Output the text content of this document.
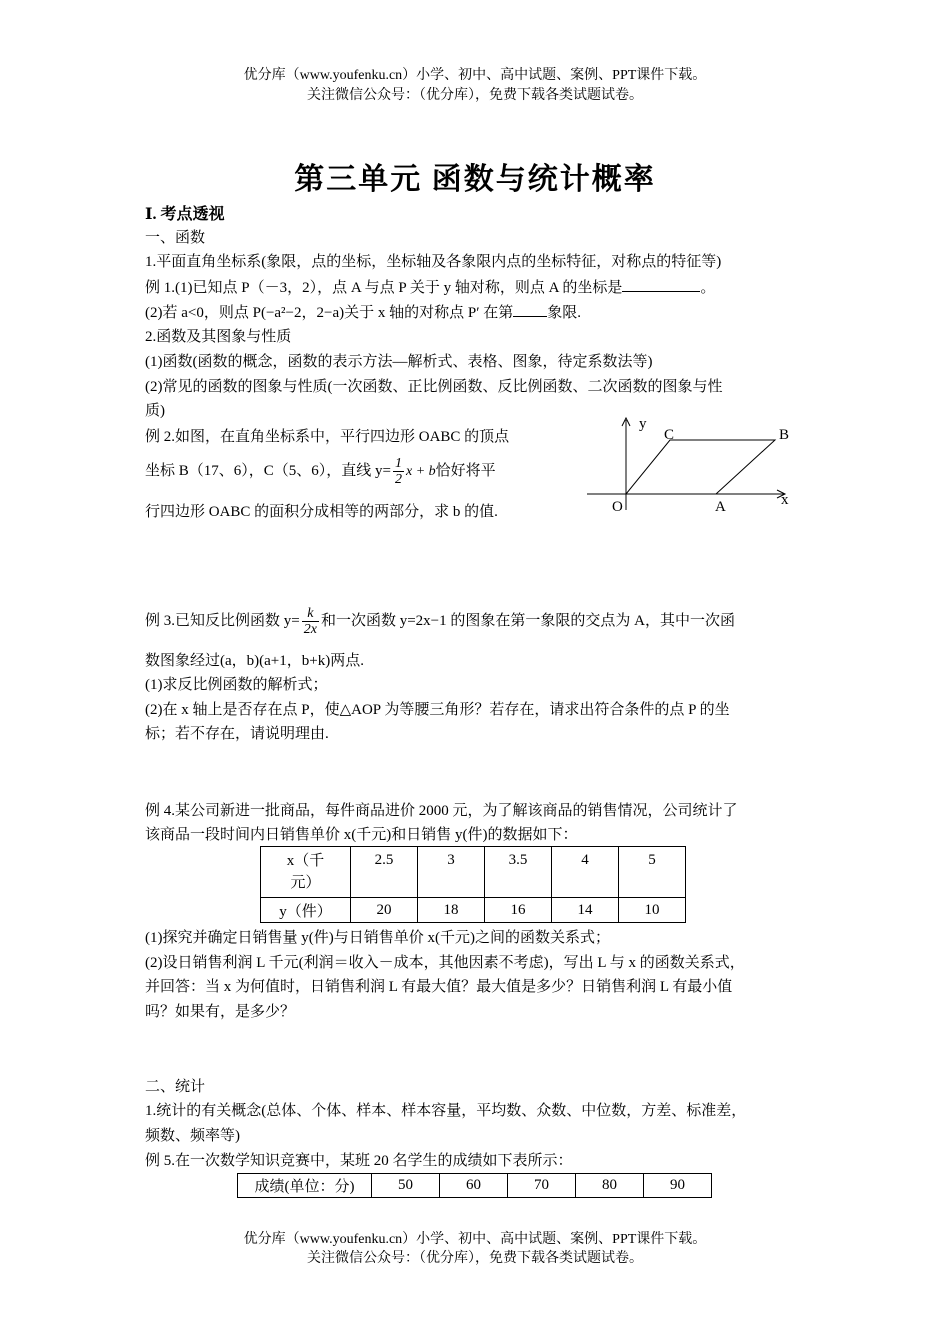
优分库（www.youfenku.cn）小学、初中、高中试题、案例、PPT课件下载。
关注微信公众号：（优分库），免费下载各类试题试卷。
第三单元 函数与统计概率
Ⅰ. 考点透视
一、函数
1.平面直角坐标系(象限，点的坐标，坐标轴及各象限内点的坐标特征，对称点的特征等)
例 1.(1)已知点 P（－3，2），点 A 与点 P 关于 y 轴对称，则点 A 的坐标是	。
(2)若 a<0，则点 P(−a²−2，2−a)关于 x 轴的对称点 P′ 在第 象限.
2.函数及其图象与性质
(1)函数(函数的概念，函数的表示方法—解析式、表格、图象，待定系数法等)
(2)常见的函数的图象与性质(一次函数、正比例函数、反比例函数、二次函数的图象与性
质)
例 2.如图，在直角坐标系中，平行四边形 OABC 的顶点
坐标 B（17、6），C（5、6），直线 $y= \frac{1}{2}$ x + b恰好将平
行四边形 OABC 的面积分成相等的两部分，求 b 的值.
y
x
O	A
B
C
例 3.已知反比例函数 $y= \frac{k}{2x}$ 和一次函数 y=2x−1 的图象在第一象限的交点为 A，其中一次函
数图象经过(a，b)(a+1，b+k)两点.
(1)求反比例函数的解析式；
(2)在 x 轴上是否存在点 P，使△AOP 为等腰三角形？若存在，请求出符合条件的点 P 的坐
标；若不存在，请说明理由.
例 4.某公司新进一批商品，每件商品进价 2000 元，为了解该商品的销售情况，公司统计了
该商品一段时间内日销售单价 x(千元)和日销售 y(件)的数据如下：
x（千
元）	2.5	3	3.5	4	5
y（件）	20	18	16	14	10
(1)探究并确定日销售量 y(件)与日销售单价 x(千元)之间的函数关系式；
(2)设日销售利润 L 千元(利润＝收入－成本，其他因素不考虑)，写出 L 与 x 的函数关系式，
并回答：当 x 为何值时，日销售利润 L 有最大值？最大值是多少？日销售利润 L 有最小值
吗？如果有，是多少？
二、统计
1.统计的有关概念(总体、个体、样本、样本容量，平均数、众数、中位数，方差、标准差，
频数、频率等)
例 5.在一次数学知识竞赛中，某班 20 名学生的成绩如下表所示：
成绩(单位：分)	50	60	70	80	90
优分库（www.youfenku.cn）小学、初中、高中试题、案例、PPT课件下载。
关注微信公众号：（优分库），免费下载各类试题试卷。
